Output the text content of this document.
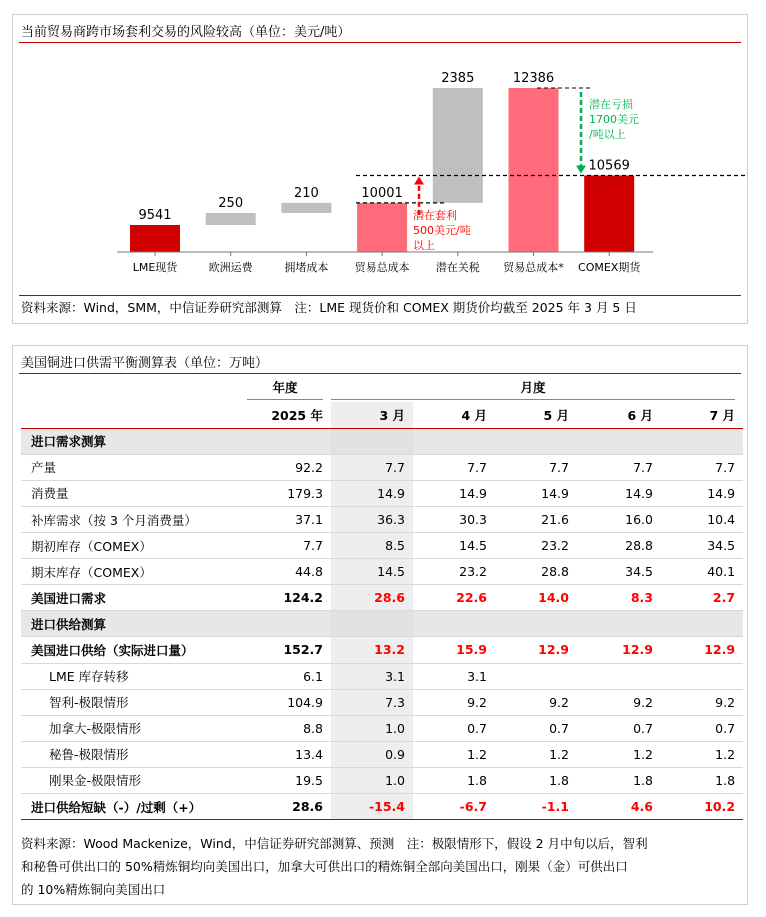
当前贸易商跨市场套利交易的风险较高（单位：美元/吨）
9541
LME现货
250
欧洲运费
210
拥堵成本
10001
贸易总成本
2385
潜在关税
12386
贸易总成本*
10569
COMEX期货
潜在套利
500美元/吨
以上
潜在亏损
1700美元
/吨以上
资料来源：Wind，SMM，中信证券研究部测算　注：LME 现货价和 COMEX 期货价均截至 2025 年 3 月 5 日
美国铜进口供需平衡测算表（单位：万吨）

	年度	月度				

	2025 年	3 月	4 月	5 月	6 月	7 月
进口需求测算						
产量	92.2	7.7	7.7	7.7	7.7	7.7
消费量	179.3	14.9	14.9	14.9	14.9	14.9
补库需求（按 3 个月消费量）	37.1	36.3	30.3	21.6	16.0	10.4
期初库存（COMEX）	7.7	8.5	14.5	23.2	28.8	34.5
期末库存（COMEX）	44.8	14.5	23.2	28.8	34.5	40.1
美国进口需求	124.2	28.6	22.6	14.0	8.3	2.7
进口供给测算						
美国进口供给（实际进口量）	152.7	13.2	15.9	12.9	12.9	12.9
LME 库存转移	6.1	3.1	3.1			
智利-极限情形	104.9	7.3	9.2	9.2	9.2	9.2
加拿大-极限情形	8.8	1.0	0.7	0.7	0.7	0.7
秘鲁-极限情形	13.4	0.9	1.2	1.2	1.2	1.2
刚果金-极限情形	19.5	1.0	1.8	1.8	1.8	1.8
进口供给短缺（-）/过剩（+）	28.6	-15.4	-6.7	-1.1	4.6	10.2
资料来源：Wood Mackenize，Wind，中信证券研究部测算、预测　注：极限情形下，假设 2 月中旬以后，智利
和秘鲁可供出口的 50%精炼铜均向美国出口，加拿大可供出口的精炼铜全部向美国出口，刚果（金）可供出口
的 10%精炼铜向美国出口
